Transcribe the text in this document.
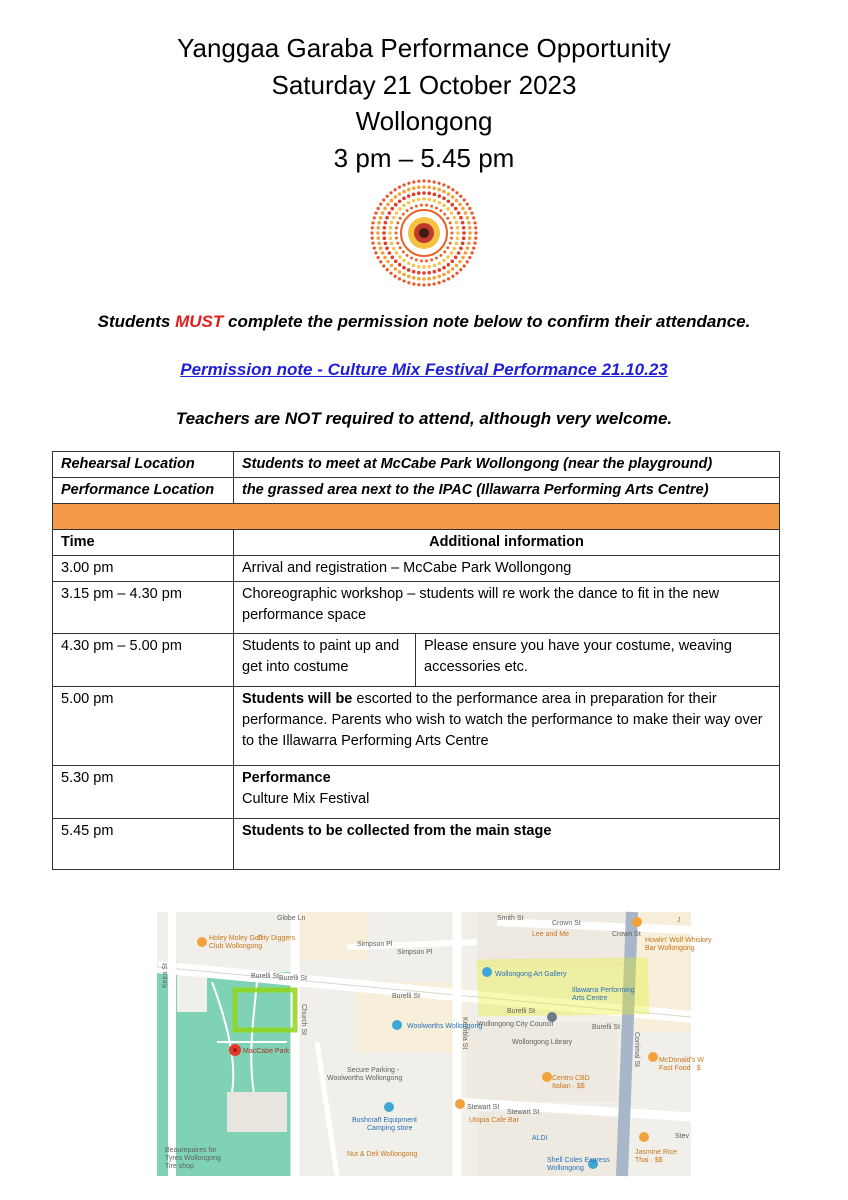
Yanggaa Garaba Performance Opportunity
Saturday 21 October 2023
Wollongong
3 pm – 5.45 pm
Students MUST complete the permission note below to confirm their attendance.
Permission note - Culture Mix Festival Performance 21.10.23
Teachers are NOT required to attend, although very welcome.
Rehearsal Location	Students to meet at McCabe Park Wollongong (near the playground)	
Performance Location	the grassed area next to the IPAC (Illawarra Performing Arts Centre)	

Time	Additional information	
3.00 pm	Arrival and registration – McCabe Park Wollongong	
3.15 pm – 4.30 pm	Choreographic workshop – students will re work the dance to fit in the new performance space	
4.30 pm – 5.00 pm	Students to paint up and get into costume	Please ensure you have your costume, weaving accessories etc.
5.00 pm	Students will be escorted to the performance area in preparation for their performance. Parents who wish to watch the performance to make their way over to the Illawarra Performing Arts Centre	
5.30 pm	Performance
Culture Mix Festival	

5.45 pm	Students to be collected from the main stage	
Globe Ln
Burelli St Burelli St
Burelli St
Burelli St
Burelli St
Church St
Keira St
Kembla St	Corrimal St
Smith St
Crown St
Crown St
Simpson Pl
Simpson Pl
Stewart St
Stewart St
Stev
Holey Moley Golf
Club Wollongong
City Diggers
Lee and Me
Howlin' Wolf Whiskey
Bar Wollongong
Centro CBD
Italian · $$
Utopia Cafe Bar
McDonald's W
Fast Food · $
Jasmine Rice
Thai · $$
Nut & Deli Wollongong
J
Wollongong Art Gallery
Illawarra Performing
Arts Centre
Woolworths Wollongong
Bushcraft Equipment
Camping store
ALDI
Shell Coles Express
Wollongong
Wollongong City Council
Wollongong Library
Secure Parking -
Woolworths Wollongong
Beaurepaires for
Tyres Wollongong
Tire shop
MacCabe Park
